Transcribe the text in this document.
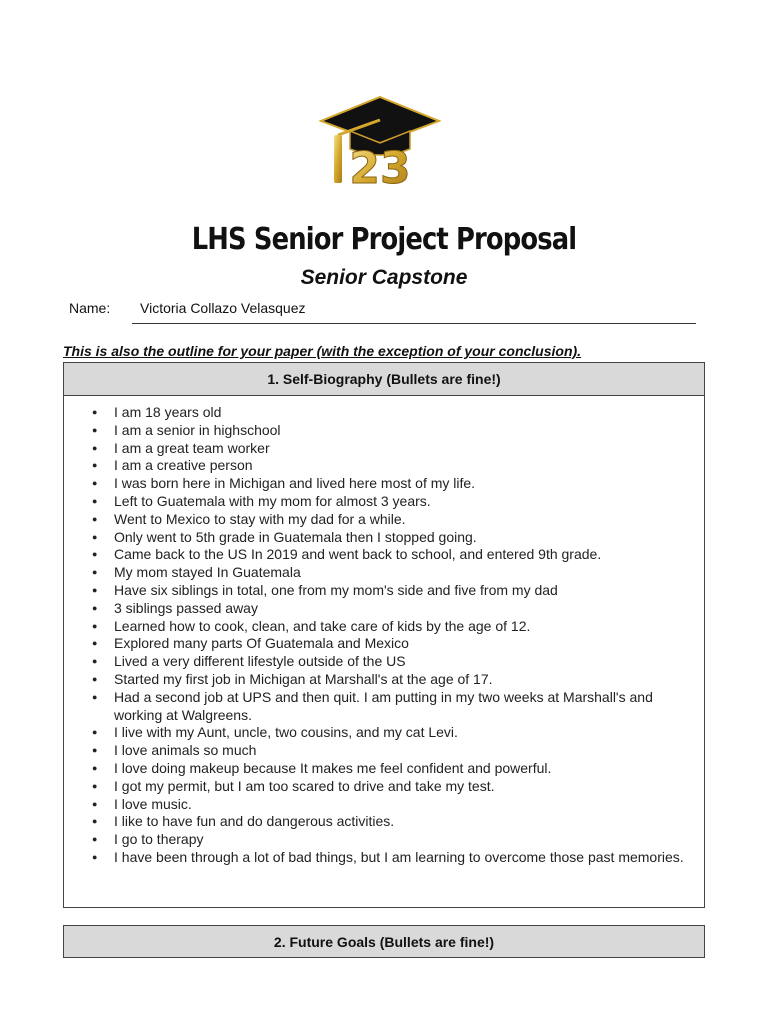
23
LHS Senior Project Proposal
Senior Capstone
Name: Victoria Collazo Velasquez
This is also the outline for your paper (with the exception of your conclusion).
1. Self-Biography (Bullets are fine!)
● I am 18 years old
● I am a senior in highschool
● I am a great team worker
● I am a creative person
● I was born here in Michigan and lived here most of my life.
● Left to Guatemala with my mom for almost 3 years.
● Went to Mexico to stay with my dad for a while.
● Only went to 5th grade in Guatemala then I stopped going.
● Came back to the US In 2019 and went back to school, and entered 9th grade.
● My mom stayed In Guatemala
● Have six siblings in total, one from my mom's side and five from my dad
● 3 siblings passed away
● Learned how to cook, clean, and take care of kids by the age of 12.
● Explored many parts Of Guatemala and Mexico
● Lived a very different lifestyle outside of the US
● Started my first job in Michigan at Marshall's at the age of 17.
● Had a second job at UPS and then quit. I am putting in my two weeks at Marshall's and working at Walgreens.
● I live with my Aunt, uncle, two cousins, and my cat Levi.
● I love animals so much
● I love doing makeup because It makes me feel confident and powerful.
● I got my permit, but I am too scared to drive and take my test.
● I love music.
● I like to have fun and do dangerous activities.
● I go to therapy
● I have been through a lot of bad things, but I am learning to overcome those past memories.
2. Future Goals (Bullets are fine!)
